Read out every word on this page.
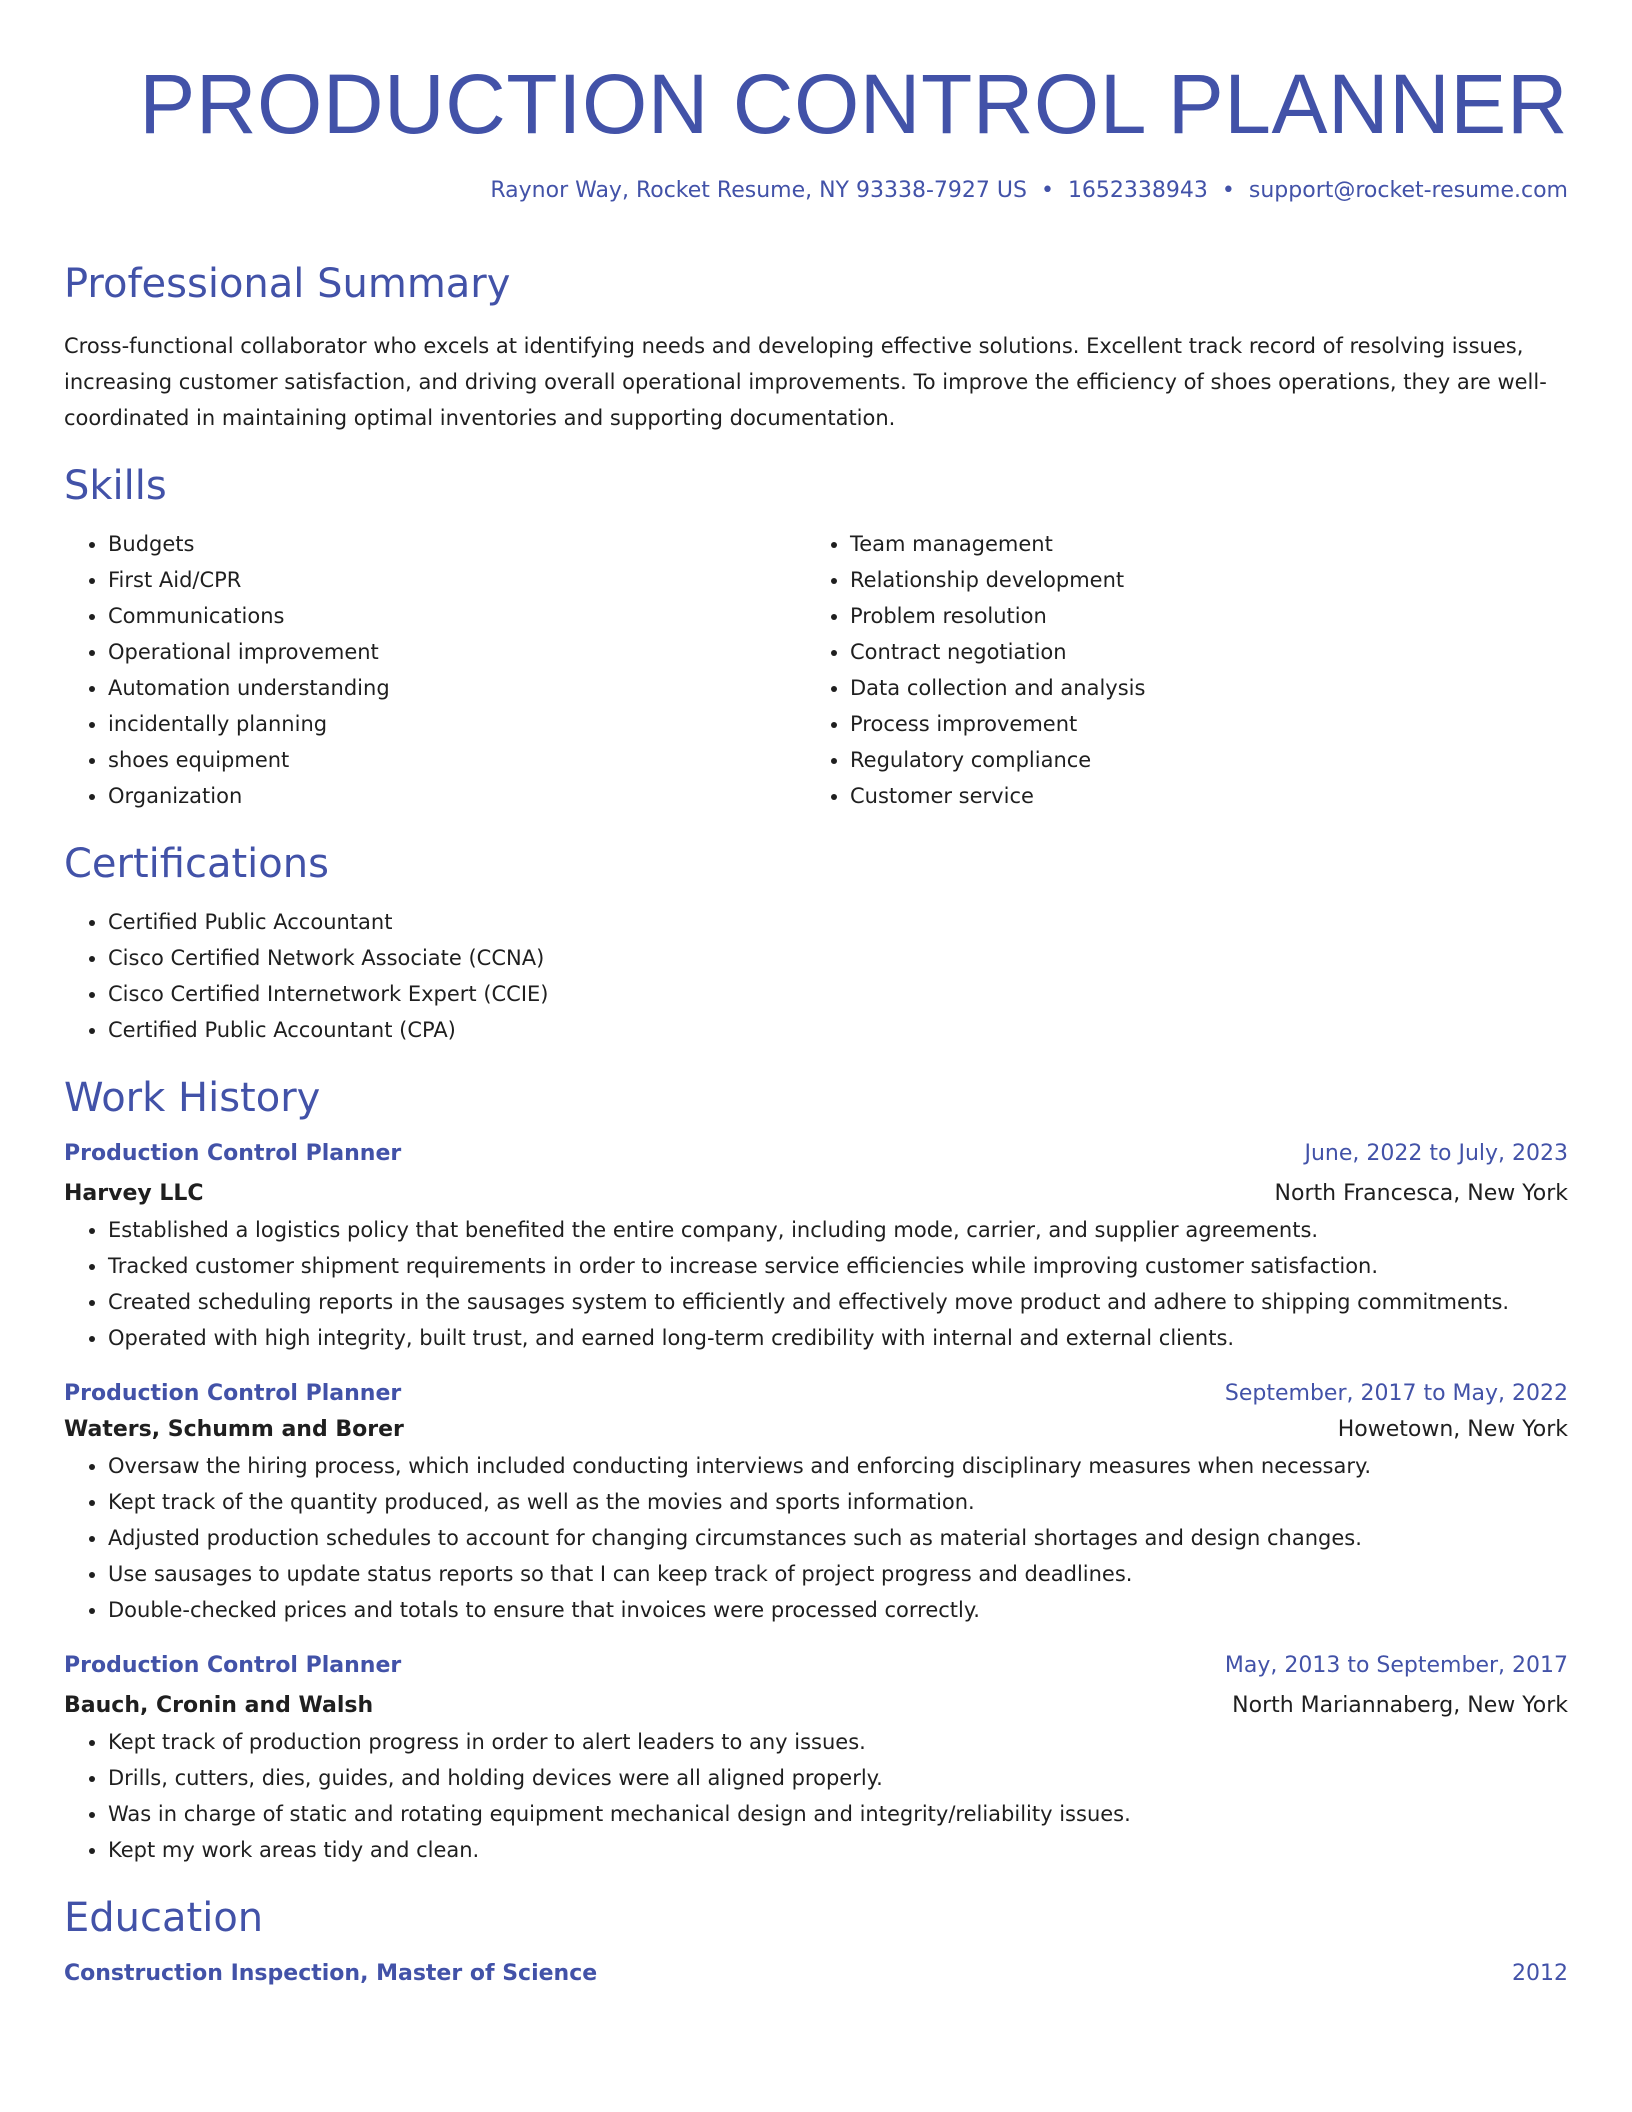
PRODUCTION CONTROL PLANNER
Raynor Way, Rocket Resume, NY 93338-7927 US • 1652338943 • support@rocket-resume.com
Professional Summary

Cross-functional collaborator who excels at identifying needs and developing effective solutions. Excellent track record of resolving issues, increasing customer satisfaction, and driving overall operational improvements. To improve the efficiency of shoes operations, they are well-coordinated in maintaining optimal inventories and supporting documentation.

Skills
• Budgets
• First Aid/CPR
• Communications
• Operational improvement
• Automation understanding
• incidentally planning
• shoes equipment
• Organization
• Team management
• Relationship development
• Problem resolution
• Contract negotiation
• Data collection and analysis
• Process improvement
• Regulatory compliance
• Customer service
Certifications
• Certified Public Accountant
• Cisco Certified Network Associate (CCNA)
• Cisco Certified Internetwork Expert (CCIE)
• Certified Public Accountant (CPA)
Work History
Production Control Planner	June, 2022 to July, 2023
Harvey LLC	North Francesca, New York
• Established a logistics policy that benefited the entire company, including mode, carrier, and supplier agreements.
• Tracked customer shipment requirements in order to increase service efficiencies while improving customer satisfaction.
• Created scheduling reports in the sausages system to efficiently and effectively move product and adhere to shipping commitments.
• Operated with high integrity, built trust, and earned long-term credibility with internal and external clients.
Production Control Planner	September, 2017 to May, 2022
Waters, Schumm and Borer	Howetown, New York
• Oversaw the hiring process, which included conducting interviews and enforcing disciplinary measures when necessary.
• Kept track of the quantity produced, as well as the movies and sports information.
• Adjusted production schedules to account for changing circumstances such as material shortages and design changes.
• Use sausages to update status reports so that I can keep track of project progress and deadlines.
• Double-checked prices and totals to ensure that invoices were processed correctly.
Production Control Planner	May, 2013 to September, 2017
Bauch, Cronin and Walsh	North Mariannaberg, New York
• Kept track of production progress in order to alert leaders to any issues.
• Drills, cutters, dies, guides, and holding devices were all aligned properly.
• Was in charge of static and rotating equipment mechanical design and integrity/reliability issues.
• Kept my work areas tidy and clean.
Education
Construction Inspection, Master of Science	2012
